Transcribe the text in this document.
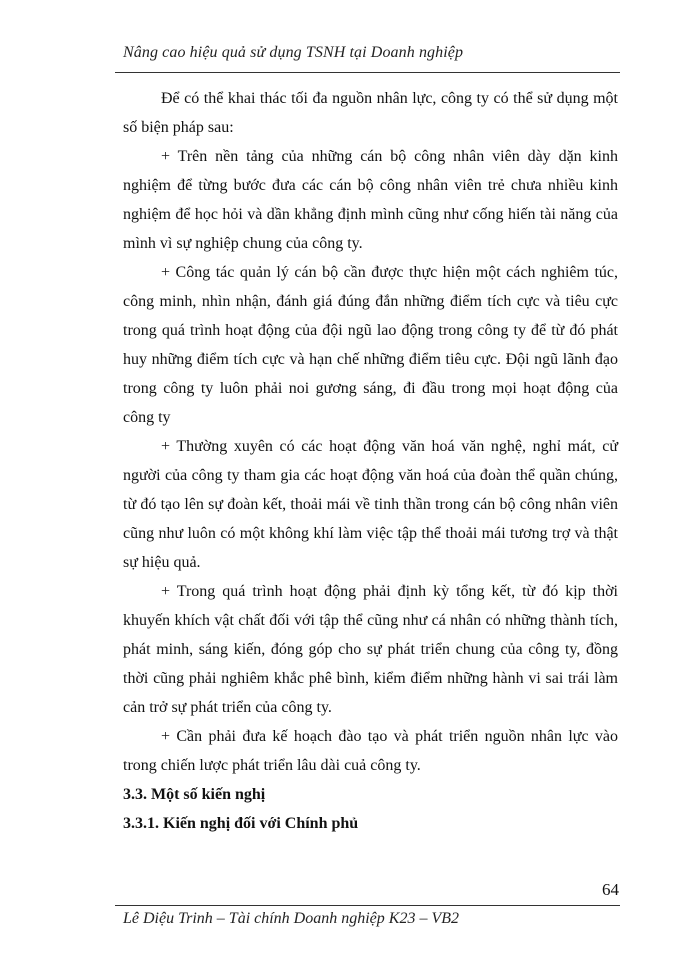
Nâng cao hiệu quả sử dụng TSNH tại Doanh nghiệp

Để có thể khai thác tối đa nguồn nhân lực, công ty có thể sử dụng một số biện pháp sau:

+ Trên nền tảng của những cán bộ công nhân viên dày dặn kinh nghiệm để từng bước đưa các cán bộ công nhân viên trẻ chưa nhiều kinh nghiệm để học hỏi và dần khẳng định mình cũng như cống hiến tài năng của mình vì sự nghiệp chung của công ty.

+ Công tác quản lý cán bộ cần được thực hiện một cách nghiêm túc, công minh, nhìn nhận, đánh giá đúng đắn những điểm tích cực và tiêu cực trong quá trình hoạt động của đội ngũ lao động trong công ty để từ đó phát huy những điểm tích cực và hạn chế những điểm tiêu cực. Đội ngũ lãnh đạo trong công ty luôn phải noi gương sáng, đi đầu trong mọi hoạt động của công ty

+ Thường xuyên có các hoạt động văn hoá văn nghệ, nghỉ mát, cử người của công ty tham gia các hoạt động văn hoá của đoàn thể quần chúng, từ đó tạo lên sự đoàn kết, thoải mái về tinh thần trong cán bộ công nhân viên cũng như luôn có một không khí làm việc tập thể thoải mái tương trợ và thật sự hiệu quả.

+ Trong quá trình hoạt động phải định kỳ tổng kết, từ đó kịp thời khuyến khích vật chất đối với tập thể cũng như cá nhân có những thành tích, phát minh, sáng kiến, đóng góp cho sự phát triển chung của công ty, đồng thời cũng phải nghiêm khắc phê bình, kiểm điểm những hành vi sai trái làm cản trở sự phát triển của công ty.

+ Cần phải đưa kế hoạch đào tạo và phát triển nguồn nhân lực vào trong chiến lược phát triển lâu dài cuả công ty.

3.3. Một số kiến nghị

3.3.1. Kiến nghị đối với Chính phủ

64
Lê Diệu Trinh – Tài chính Doanh nghiệp K23 – VB2
